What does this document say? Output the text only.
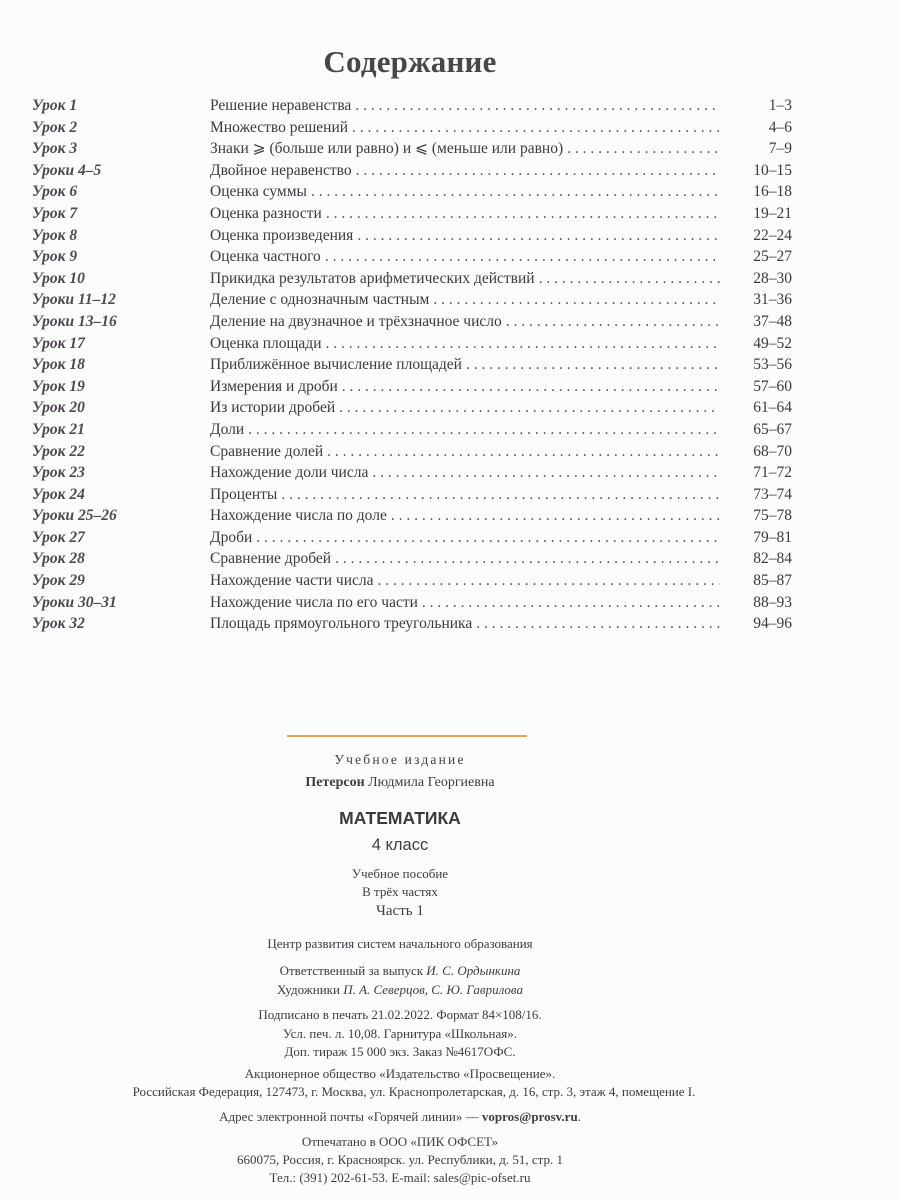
Содержание
Урок 1	Решение неравенства . . .	1–3
Урок 2	Множество решений . . .	4–6
Урок 3	Знаки ⩾ (больше или равно) и ⩽ (меньше или равно) . . .	7–9
Уроки 4–5	Двойное неравенство . . .	10–15
Урок 6	Оценка суммы . . .	16–18
Урок 7	Оценка разности . . .	19–21
Урок 8	Оценка произведения . . .	22–24
Урок 9	Оценка частного . . .	25–27
Урок 10	Прикидка результатов арифметических действий . . .	28–30
Уроки 11–12	Деление с однозначным частным . . .	31–36
Уроки 13–16	Деление на двузначное и трёхзначное число . . .	37–48
Урок 17	Оценка площади . . .	49–52
Урок 18	Приближённое вычисление площадей . . .	53–56
Урок 19	Измерения и дроби . . .	57–60
Урок 20	Из истории дробей . . .	61–64
Урок 21	Доли . . .	65–67
Урок 22	Сравнение долей . . .	68–70
Урок 23	Нахождение доли числа . . .	71–72
Урок 24	Проценты . . .	73–74
Уроки 25–26	Нахождение числа по доле . . .	75–78
Урок 27	Дроби . . .	79–81
Урок 28	Сравнение дробей . . .	82–84
Урок 29	Нахождение части числа . . .	85–87
Уроки 30–31	Нахождение числа по его части . . .	88–93
Урок 32	Площадь прямоугольного треугольника . . .	94–96
Учебное издание
Петерсон Людмила Георгиевна
МАТЕМАТИКА
4 класс
Учебное пособие
В трёх частях
Часть 1
Центр развития систем начального образования
Ответственный за выпуск И. С. Ордынкина
Художники П. А. Северцов, С. Ю. Гаврилова
Подписано в печать 21.02.2022. Формат 84×108/16.
Усл. печ. л. 10,08. Гарнитура «Школьная».
Доп. тираж 15 000 экз. Заказ №4617ОФС.
Акционерное общество «Издательство «Просвещение».
Российская Федерация, 127473, г. Москва, ул. Краснопролетарская, д. 16, стр. 3, этаж 4, помещение I.
Адрес электронной почты «Горячей линии» — vopros@prosv.ru.
Отпечатано в ООО «ПИК ОФСЕТ»
660075, Россия, г. Красноярск. ул. Республики, д. 51, стр. 1
Тел.: (391) 202-61-53. E-mail: sales@pic-ofset.ru
